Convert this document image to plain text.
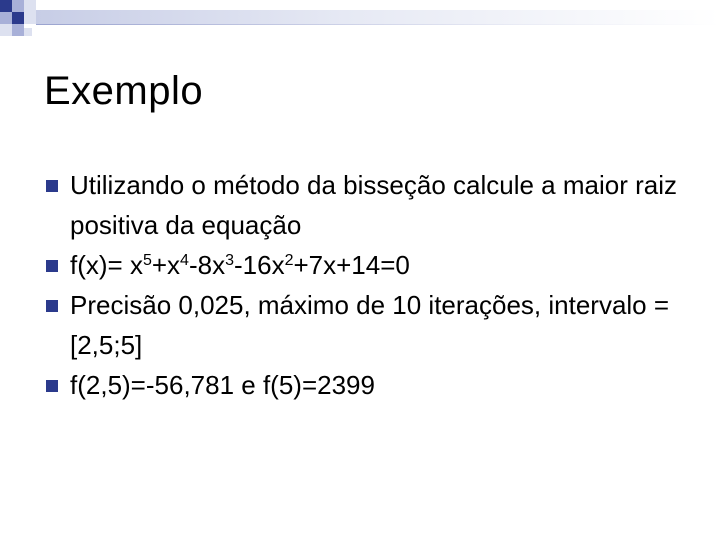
Exemplo
Utilizando o método da bisseção calcule a maior raiz positiva da equação
$f(x)= x^5+x^4-8x^3-16x^2+7x+14=0$
Precisão 0,025, máximo de 10 iterações, intervalo = [2,5;5]
f(2,5)=-56,781 e f(5)=2399
